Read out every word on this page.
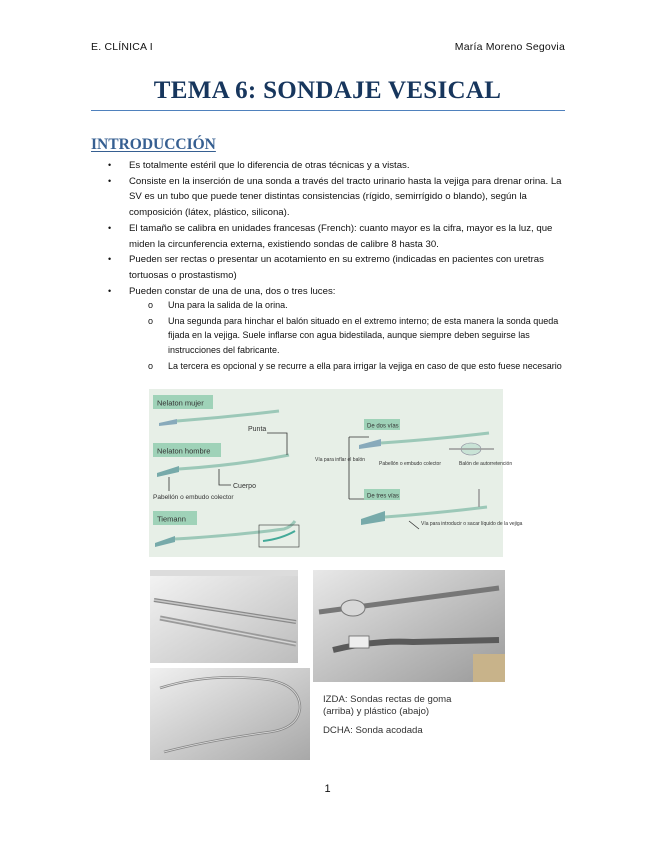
E. CLÍNICA I	María Moreno Segovia
TEMA 6: SONDAJE VESICAL
INTRODUCCIÓN
• Es totalmente estéril que lo diferencia de otras técnicas y a vistas.
• Consiste en la inserción de una sonda a través del tracto urinario hasta la vejiga para drenar orina. La SV es un tubo que puede tener distintas consistencias (rígido, semirrígido o blando), según la composición (látex, plástico, silicona).
• El tamaño se calibra en unidades francesas (French): cuanto mayor es la cifra, mayor es la luz, que miden la circunferencia externa, existiendo sondas de calibre 8 hasta 30.
• Pueden ser rectas o presentar un acotamiento en su extremo (indicadas en pacientes con uretras tortuosas o prostastismo)
• Pueden constar de una de una, dos o tres luces:
o Una para la salida de la orina.
o Una segunda para hinchar el balón situado en el extremo interno; de esta manera la sonda queda fijada en la vejiga. Suele inflarse con agua bidestilada, aunque siempre deben seguirse las instrucciones del fabricante.
o La tercera es opcional y se recurre a ella para irrigar la vejiga en caso de que esto fuese necesario
Nelaton mujer
Nelaton hombre
Punta
Cuerpo
Pabellón o embudo colector
Tiemann
De dos vías
Balón de autorretención
Vía para inflar el balón
Pabellón o embudo colector
De tres vías
Vía para introducir o sacar líquido de la vejiga
IZDA: Sondas rectas de goma (arriba) y plástico (abajo)
DCHA: Sonda acodada
1
